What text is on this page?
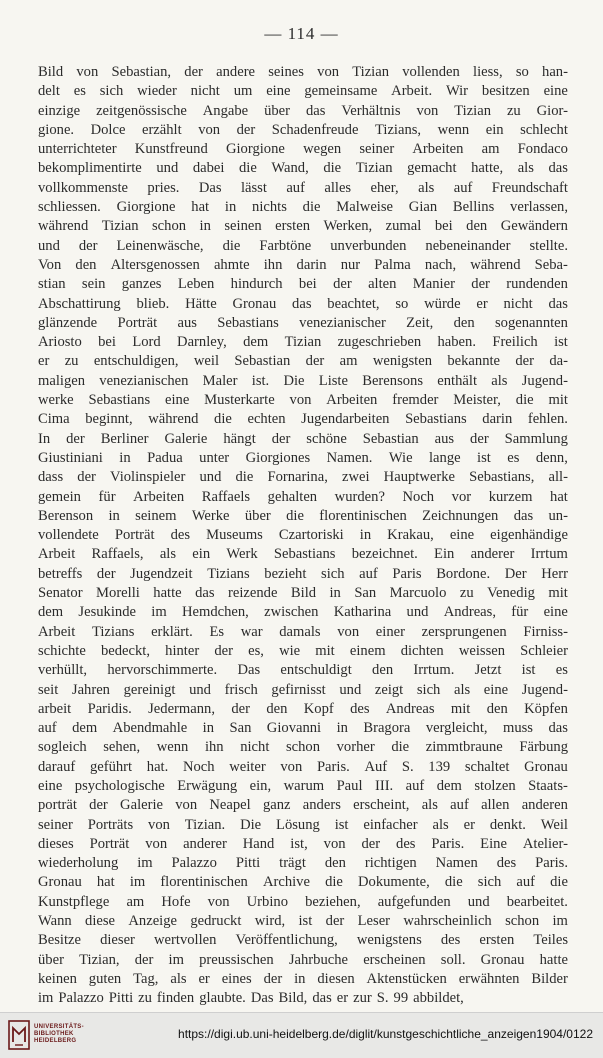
— 114 —
Bild von Sebastian, der andere seines von Tizian vollenden liess, so han-
delt es sich wieder nicht um eine gemeinsame Arbeit. Wir besitzen eine
einzige zeitgenössische Angabe über das Verhältnis von Tizian zu Gior-
gione. Dolce erzählt von der Schadenfreude Tizians, wenn ein schlecht
unterrichteter Kunstfreund Giorgione wegen seiner Arbeiten am Fondaco
bekomplimentirte und dabei die Wand, die Tizian gemacht hatte, als das
vollkommenste pries. Das lässt auf alles eher, als auf Freundschaft
schliessen. Giorgione hat in nichts die Malweise Gian Bellins verlassen,
während Tizian schon in seinen ersten Werken, zumal bei den Gewändern
und der Leinenwäsche, die Farbtöne unverbunden nebeneinander stellte.
Von den Altersgenossen ahmte ihn darin nur Palma nach, während Seba-
stian sein ganzes Leben hindurch bei der alten Manier der rundenden
Abschattirung blieb. Hätte Gronau das beachtet, so würde er nicht das
glänzende Porträt aus Sebastians venezianischer Zeit, den sogenannten
Ariosto bei Lord Darnley, dem Tizian zugeschrieben haben. Freilich ist
er zu entschuldigen, weil Sebastian der am wenigsten bekannte der da-
maligen venezianischen Maler ist. Die Liste Berensons enthält als Jugend-
werke Sebastians eine Musterkarte von Arbeiten fremder Meister, die mit
Cima beginnt, während die echten Jugendarbeiten Sebastians darin fehlen.
In der Berliner Galerie hängt der schöne Sebastian aus der Sammlung
Giustiniani in Padua unter Giorgiones Namen. Wie lange ist es denn,
dass der Violinspieler und die Fornarina, zwei Hauptwerke Sebastians, all-
gemein für Arbeiten Raffaels gehalten wurden? Noch vor kurzem hat
Berenson in seinem Werke über die florentinischen Zeichnungen das un-
vollendete Porträt des Museums Czartoriski in Krakau, eine eigenhändige
Arbeit Raffaels, als ein Werk Sebastians bezeichnet. Ein anderer Irrtum
betreffs der Jugendzeit Tizians bezieht sich auf Paris Bordone. Der Herr
Senator Morelli hatte das reizende Bild in San Marcuolo zu Venedig mit
dem Jesukinde im Hemdchen, zwischen Katharina und Andreas, für eine
Arbeit Tizians erklärt. Es war damals von einer zersprungenen Firniss-
schichte bedeckt, hinter der es, wie mit einem dichten weissen Schleier
verhüllt, hervorschimmerte. Das entschuldigt den Irrtum. Jetzt ist es
seit Jahren gereinigt und frisch gefirnisst und zeigt sich als eine Jugend-
arbeit Paridis. Jedermann, der den Kopf des Andreas mit den Köpfen
auf dem Abendmahle in San Giovanni in Bragora vergleicht, muss das
sogleich sehen, wenn ihn nicht schon vorher die zimmtbraune Färbung
darauf geführt hat. Noch weiter von Paris. Auf S. 139 schaltet Gronau
eine psychologische Erwägung ein, warum Paul III. auf dem stolzen Staats-
porträt der Galerie von Neapel ganz anders erscheint, als auf allen anderen
seiner Porträts von Tizian. Die Lösung ist einfacher als er denkt. Weil
dieses Porträt von anderer Hand ist, von der des Paris. Eine Atelier-
wiederholung im Palazzo Pitti trägt den richtigen Namen des Paris.
Gronau hat im florentinischen Archive die Dokumente, die sich auf die
Kunstpflege am Hofe von Urbino beziehen, aufgefunden und bearbeitet.
Wann diese Anzeige gedruckt wird, ist der Leser wahrscheinlich schon im
Besitze dieser wertvollen Veröffentlichung, wenigstens des ersten Teiles
über Tizian, der im preussischen Jahrbuche erscheinen soll. Gronau hatte
keinen guten Tag, als er eines der in diesen Aktenstücken erwähnten Bilder
im Palazzo Pitti zu finden glaubte. Das Bild, das er zur S. 99 abbildet,
UNIVERSITÄTS-
BIBLIOTHEK
HEIDELBERG	https://digi.ub.uni-heidelberg.de/diglit/kunstgeschichtliche_anzeigen1904/0122
